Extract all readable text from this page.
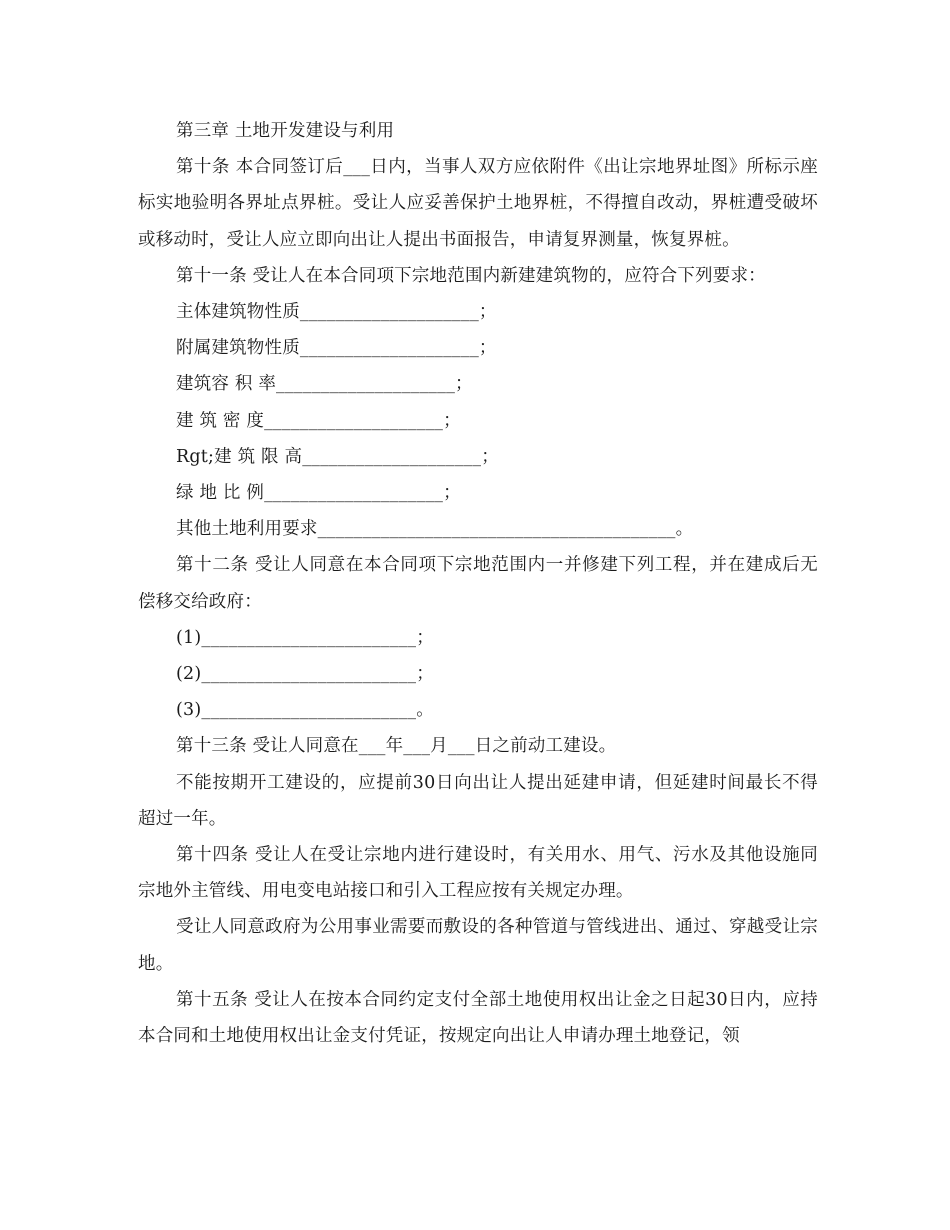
第三章 土地开发建设与利用

第十条 本合同签订后___日内，当事人双方应依附件《出让宗地界址图》所标示座标实地验明各界址点界桩。受让人应妥善保护土地界桩，不得擅自改动，界桩遭受破坏或移动时，受让人应立即向出让人提出书面报告，申请复界测量，恢复界桩。

第十一条 受让人在本合同项下宗地范围内新建建筑物的，应符合下列要求：

主体建筑物性质____________________；

附属建筑物性质____________________；

建筑容 积 率____________________；

建 筑 密 度____________________；

Rgt;建 筑 限 高____________________；

绿 地 比 例____________________；

其他土地利用要求________________________________________。

第十二条 受让人同意在本合同项下宗地范围内一并修建下列工程，并在建成后无偿移交给政府：

(1)________________________；

(2)________________________；

(3)________________________。

第十三条 受让人同意在___年___月___日之前动工建设。

不能按期开工建设的，应提前30日向出让人提出延建申请，但延建时间最长不得超过一年。

第十四条 受让人在受让宗地内进行建设时，有关用水、用气、污水及其他设施同宗地外主管线、用电变电站接口和引入工程应按有关规定办理。

受让人同意政府为公用事业需要而敷设的各种管道与管线进出、通过、穿越受让宗地。

第十五条 受让人在按本合同约定支付全部土地使用权出让金之日起30日内，应持本合同和土地使用权出让金支付凭证，按规定向出让人申请办理土地登记，领
